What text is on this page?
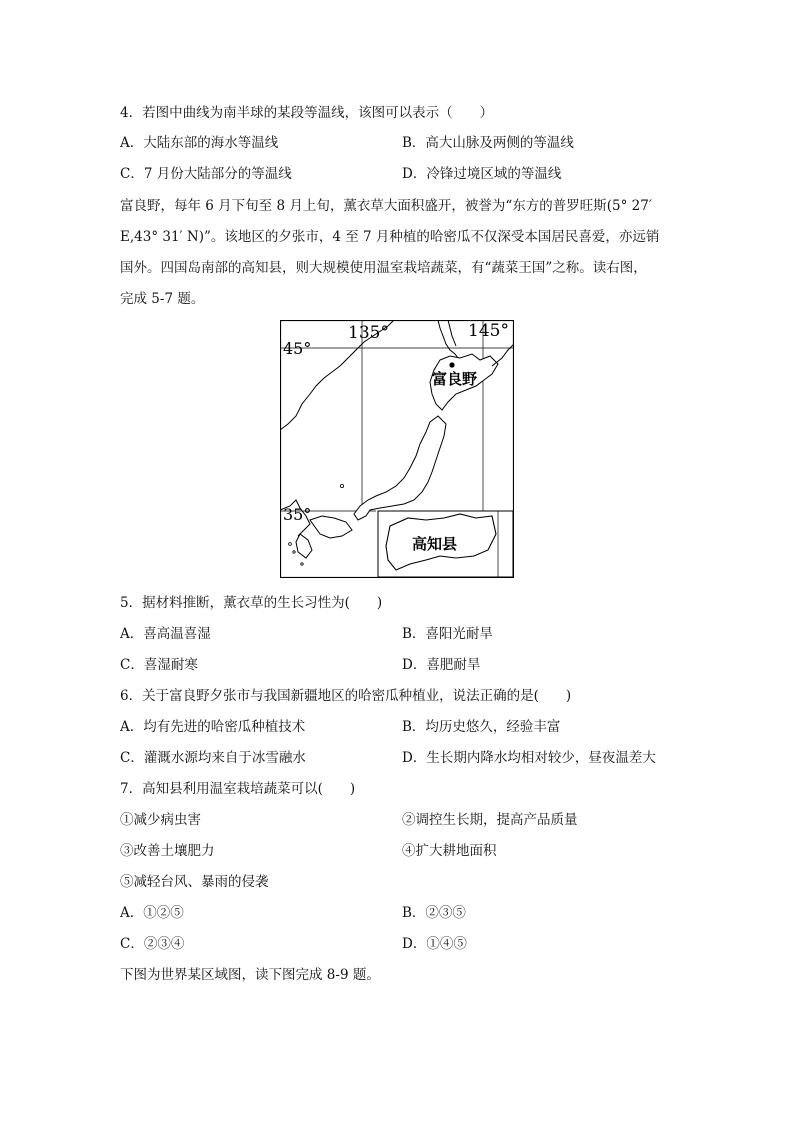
4．若图中曲线为南半球的某段等温线，该图可以表示（　　）
A．大陆东部的海水等温线	B．高大山脉及两侧的等温线
C．7 月份大陆部分的等温线	D．冷锋过境区域的等温线
富良野，每年 6 月下旬至 8 月上旬，薰衣草大面积盛开，被誉为“东方的普罗旺斯(5° 27′
E,43° 31′ N)”。该地区的夕张市，4 至 7 月种植的哈密瓜不仅深受本国居民喜爱，亦远销
国外。四国岛南部的高知县，则大规模使用温室栽培蔬菜，有“蔬菜王国”之称。读右图，
完成 5-7 题。
135°	145°
45°
35°
富良野
高知县
5．据材料推断，薰衣草的生长习性为(　　)
A．喜高温喜湿	B．喜阳光耐旱
C．喜湿耐寒	D．喜肥耐旱
6．关于富良野夕张市与我国新疆地区的哈密瓜种植业，说法正确的是(　　)
A．均有先进的哈密瓜种植技术	B．均历史悠久，经验丰富
C．灌溉水源均来自于冰雪融水	D．生长期内降水均相对较少，昼夜温差大
7．高知县利用温室栽培蔬菜可以(　　)
①减少病虫害	②调控生长期，提高产品质量
③改善土壤肥力	④扩大耕地面积
⑤减轻台风、暴雨的侵袭
A．①②⑤	B．②③⑤
C．②③④	D．①④⑤
下图为世界某区域图，读下图完成 8-9 题。
